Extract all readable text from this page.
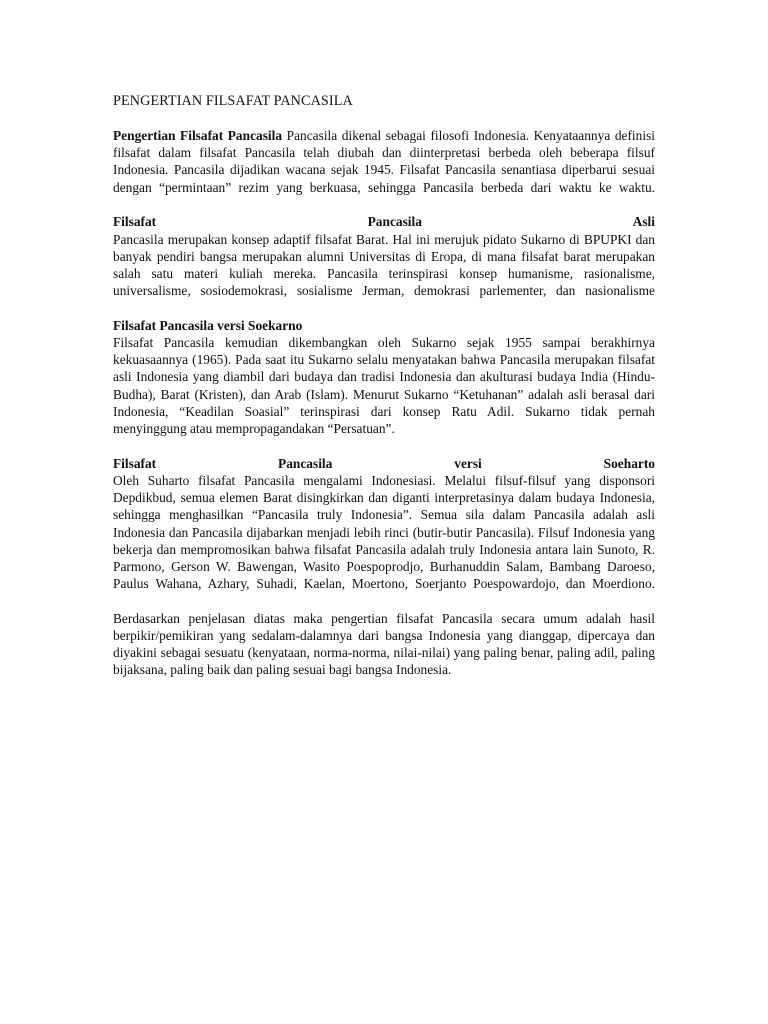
PENGERTIAN FILSAFAT PANCASILA
Pengertian Filsafat Pancasila Pancasila dikenal sebagai filosofi Indonesia. Kenyataannya definisi filsafat dalam filsafat Pancasila telah diubah dan diinterpretasi berbeda oleh beberapa filsuf Indonesia. Pancasila dijadikan wacana sejak 1945. Filsafat Pancasila senantiasa diperbarui sesuai dengan “permintaan” rezim yang berkuasa, sehingga Pancasila berbeda dari waktu ke waktu.
Filsafat Pancasila Asli
Pancasila merupakan konsep adaptif filsafat Barat. Hal ini merujuk pidato Sukarno di BPUPKI dan banyak pendiri bangsa merupakan alumni Universitas di Eropa, di mana filsafat barat merupakan salah satu materi kuliah mereka. Pancasila terinspirasi konsep humanisme, rasionalisme, universalisme, sosiodemokrasi, sosialisme Jerman, demokrasi parlementer, dan nasionalisme
Filsafat Pancasila versi Soekarno
Filsafat Pancasila kemudian dikembangkan oleh Sukarno sejak 1955 sampai berakhirnya kekuasaannya (1965). Pada saat itu Sukarno selalu menyatakan bahwa Pancasila merupakan filsafat asli Indonesia yang diambil dari budaya dan tradisi Indonesia dan akulturasi budaya India (Hindu-Budha), Barat (Kristen), dan Arab (Islam). Menurut Sukarno “Ketuhanan” adalah asli berasal dari Indonesia, “Keadilan Soasial” terinspirasi dari konsep Ratu Adil. Sukarno tidak pernah menyinggung atau mempropagandakan “Persatuan”.
Filsafat Pancasila versi Soeharto
Oleh Suharto filsafat Pancasila mengalami Indonesiasi. Melalui filsuf-filsuf yang disponsori Depdikbud, semua elemen Barat disingkirkan dan diganti interpretasinya dalam budaya Indonesia, sehingga menghasilkan “Pancasila truly Indonesia”. Semua sila dalam Pancasila adalah asli Indonesia dan Pancasila dijabarkan menjadi lebih rinci (butir-butir Pancasila). Filsuf Indonesia yang bekerja dan mempromosikan bahwa filsafat Pancasila adalah truly Indonesia antara lain Sunoto, R. Parmono, Gerson W. Bawengan, Wasito Poespoprodjo, Burhanuddin Salam, Bambang Daroeso, Paulus Wahana, Azhary, Suhadi, Kaelan, Moertono, Soerjanto Poespowardojo, dan Moerdiono.
Berdasarkan penjelasan diatas maka pengertian filsafat Pancasila secara umum adalah hasil berpikir/pemikiran yang sedalam-dalamnya dari bangsa Indonesia yang dianggap, dipercaya dan diyakini sebagai sesuatu (kenyataan, norma-norma, nilai-nilai) yang paling benar, paling adil, paling bijaksana, paling baik dan paling sesuai bagi bangsa Indonesia.
